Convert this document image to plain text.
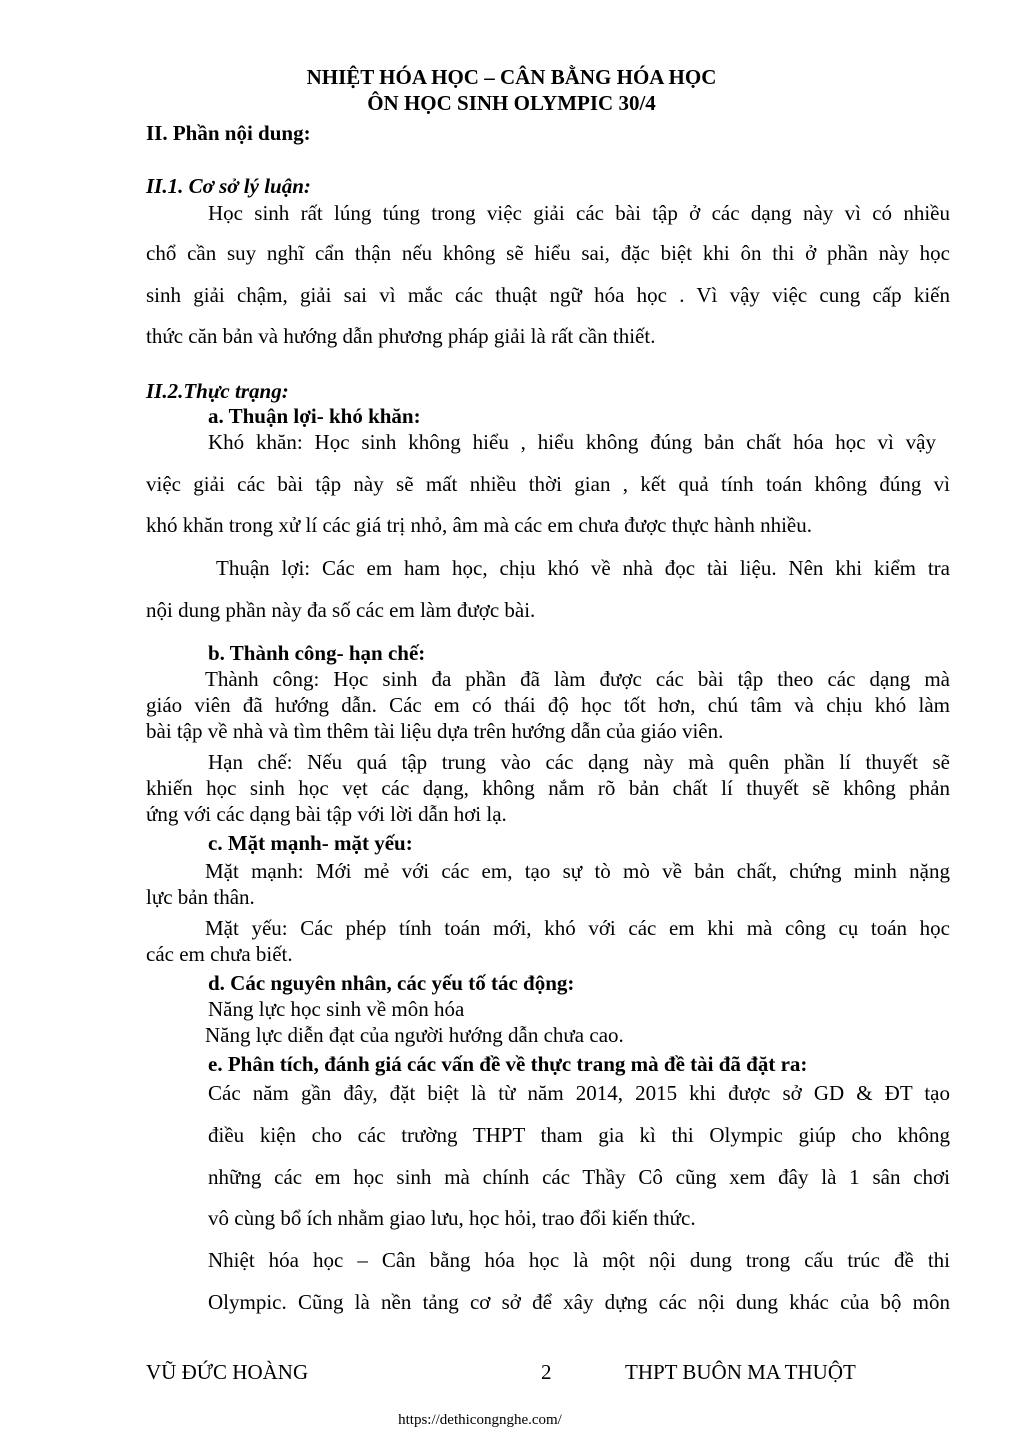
NHIỆT HÓA HỌC – CÂN BẰNG HÓA HỌC
ÔN HỌC SINH OLYMPIC 30/4
II. Phần nội dung:
II.1. Cơ sở lý luận:
Học sinh rất lúng túng trong việc giải các bài tập ở các dạng này vì có nhiều
chổ cần suy nghĩ cẩn thận nếu không sẽ hiểu sai, đặc biệt khi ôn thi ở phần này học
sinh giải chậm, giải sai vì mắc các thuật ngữ hóa học . Vì vậy việc cung cấp kiến
thức căn bản và hướng dẫn phương pháp giải là rất cần thiết.
II.2.Thực trạng:
a. Thuận lợi- khó khăn:
Khó khăn: Học sinh không hiểu , hiểu không đúng bản chất hóa học vì vậy
việc giải các bài tập này sẽ mất nhiều thời gian , kết quả tính toán không đúng vì
khó khăn trong xử lí các giá trị nhỏ, âm mà các em chưa được thực hành nhiều.
Thuận lợi: Các em ham học, chịu khó về nhà đọc tài liệu. Nên khi kiểm tra
nội dung phần này đa số các em làm được bài.
b. Thành công- hạn chế:
Thành công: Học sinh đa phần đã làm được các bài tập theo các dạng mà
giáo viên đã hướng dẫn. Các em có thái độ học tốt hơn, chú tâm và chịu khó làm
bài tập về nhà và tìm thêm tài liệu dựa trên hướng dẫn của giáo viên.
Hạn chế: Nếu quá tập trung vào các dạng này mà quên phần lí thuyết sẽ
khiến học sinh học vẹt các dạng, không nắm rõ bản chất lí thuyết sẽ không phản
ứng với các dạng bài tập với lời dẫn hơi lạ.
c. Mặt mạnh- mặt yếu:
Mặt mạnh: Mới mẻ với các em, tạo sự tò mò về bản chất, chứng minh nặng
lực bản thân.
Mặt yếu: Các phép tính toán mới, khó với các em khi mà công cụ toán học
các em chưa biết.
d. Các nguyên nhân, các yếu tố tác động:
Năng lực học sinh về môn hóa
Năng lực diễn đạt của người hướng dẫn chưa cao.
e. Phân tích, đánh giá các vấn đề về thực trang mà đề tài đã đặt ra:
Các năm gần đây, đặt biệt là từ năm 2014, 2015 khi được sở GD & ĐT tạo
điều kiện cho các trường THPT tham gia kì thi Olympic giúp cho không
những các em học sinh mà chính các Thầy Cô cũng xem đây là 1 sân chơi
vô cùng bổ ích nhằm giao lưu, học hỏi, trao đổi kiến thức.
Nhiệt hóa học – Cân bằng hóa học là một nội dung trong cấu trúc đề thi
Olympic. Cũng là nền tảng cơ sở để xây dựng các nội dung khác của bộ môn
VŨ ĐỨC HOÀNG	2	THPT BUÔN MA THUỘT
https://dethicongnghe.com/
